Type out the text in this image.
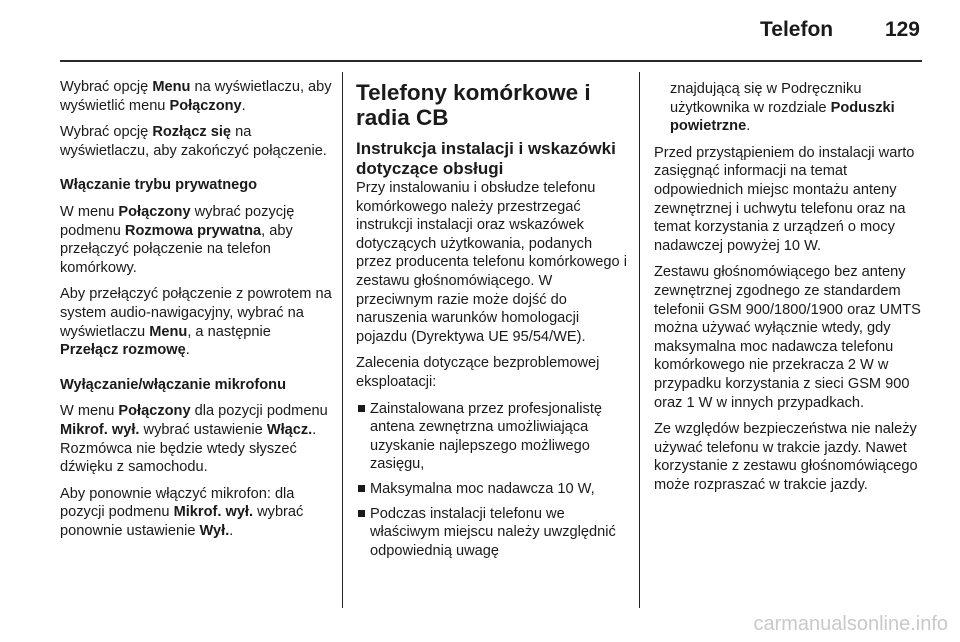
Telefon 129

Wybrać opcję Menu na wyświetlaczu, aby wyświetlić menu Połączony.

Wybrać opcję Rozłącz się na wyświetlaczu, aby zakończyć połączenie.

Włączanie trybu prywatnego

W menu Połączony wybrać pozycję podmenu Rozmowa prywatna, aby przełączyć połączenie na telefon komórkowy.

Aby przełączyć połączenie z powrotem na system audio-nawigacyjny, wybrać na wyświetlaczu Menu, a następnie Przełącz rozmowę.

Wyłączanie/włączanie mikrofonu

W menu Połączony dla pozycji podmenu Mikrof. wył. wybrać ustawienie Włącz.. Rozmówca nie będzie wtedy słyszeć dźwięku z samochodu.

Aby ponownie włączyć mikrofon: dla pozycji podmenu Mikrof. wył. wybrać ponownie ustawienie Wył..

Telefony komórkowe i radia CB
Instrukcja instalacji i wskazówki dotyczące obsługi

Przy instalowaniu i obsłudze telefonu komórkowego należy przestrzegać instrukcji instalacji oraz wskazówek dotyczących użytkowania, podanych przez producenta telefonu komórkowego i zestawu głośnomówiącego. W przeciwnym razie może dojść do naruszenia warunków homologacji pojazdu (Dyrektywa UE 95/54/WE).

Zalecenia dotyczące bezproblemowej eksploatacji:

Zainstalowana przez profesjonalistę antena zewnętrzna umożliwiająca uzyskanie najlepszego możliwego zasięgu,
Maksymalna moc nadawcza 10 W,
Podczas instalacji telefonu we właściwym miejscu należy uwzględnić odpowiednią uwagę

znajdującą się w Podręczniku użytkownika w rozdziale Poduszki powietrzne.

Przed przystąpieniem do instalacji warto zasięgnąć informacji na temat odpowiednich miejsc montażu anteny zewnętrznej i uchwytu telefonu oraz na temat korzystania z urządzeń o mocy nadawczej powyżej 10 W.

Zestawu głośnomówiącego bez anteny zewnętrznej zgodnego ze standardem telefonii GSM 900/1800/1900 oraz UMTS można używać wyłącznie wtedy, gdy maksymalna moc nadawcza telefonu komórkowego nie przekracza 2 W w przypadku korzystania z sieci GSM 900 oraz 1 W w innych przypadkach.

Ze względów bezpieczeństwa nie należy używać telefonu w trakcie jazdy. Nawet korzystanie z zestawu głośnomówiącego może rozpraszać w trakcie jazdy.

carmanualsonline.info
